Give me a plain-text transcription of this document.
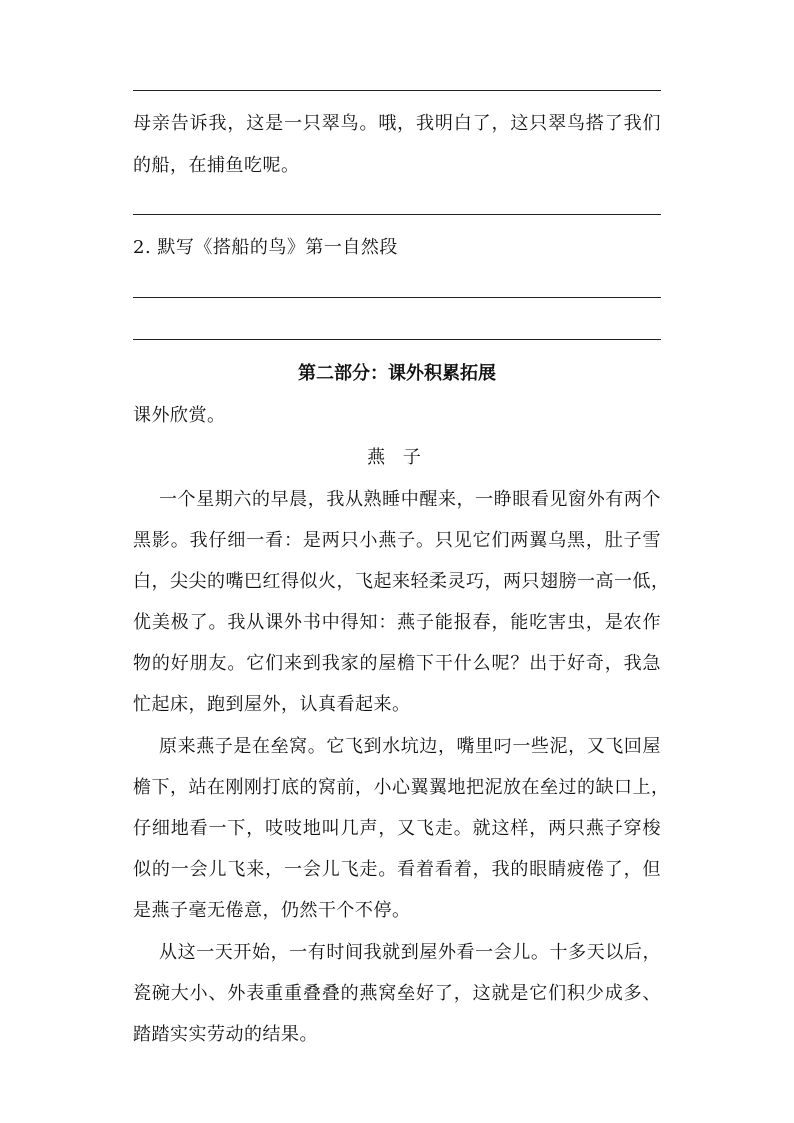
母亲告诉我，这是一只翠鸟。哦，我明白了，这只翠鸟搭了我们
的船，在捕鱼吃呢。
2. 默写《搭船的鸟》第一自然段
第二部分：课外积累拓展
课外欣赏。
燕 子
一个星期六的早晨，我从熟睡中醒来，一睁眼看见窗外有两个
黑影。我仔细一看：是两只小燕子。只见它们两翼乌黑，肚子雪
白，尖尖的嘴巴红得似火，飞起来轻柔灵巧，两只翅膀一高一低，
优美极了。我从课外书中得知：燕子能报春，能吃害虫，是农作
物的好朋友。它们来到我家的屋檐下干什么呢？出于好奇，我急
忙起床，跑到屋外，认真看起来。
原来燕子是在垒窝。它飞到水坑边，嘴里叼一些泥，又飞回屋
檐下，站在刚刚打底的窝前，小心翼翼地把泥放在垒过的缺口上，
仔细地看一下，吱吱地叫几声，又飞走。就这样，两只燕子穿梭
似的一会儿飞来，一会儿飞走。看着看着，我的眼睛疲倦了，但
是燕子毫无倦意，仍然干个不停。
从这一天开始，一有时间我就到屋外看一会儿。十多天以后，
瓷碗大小、外表重重叠叠的燕窝垒好了，这就是它们积少成多、
踏踏实实劳动的结果。
